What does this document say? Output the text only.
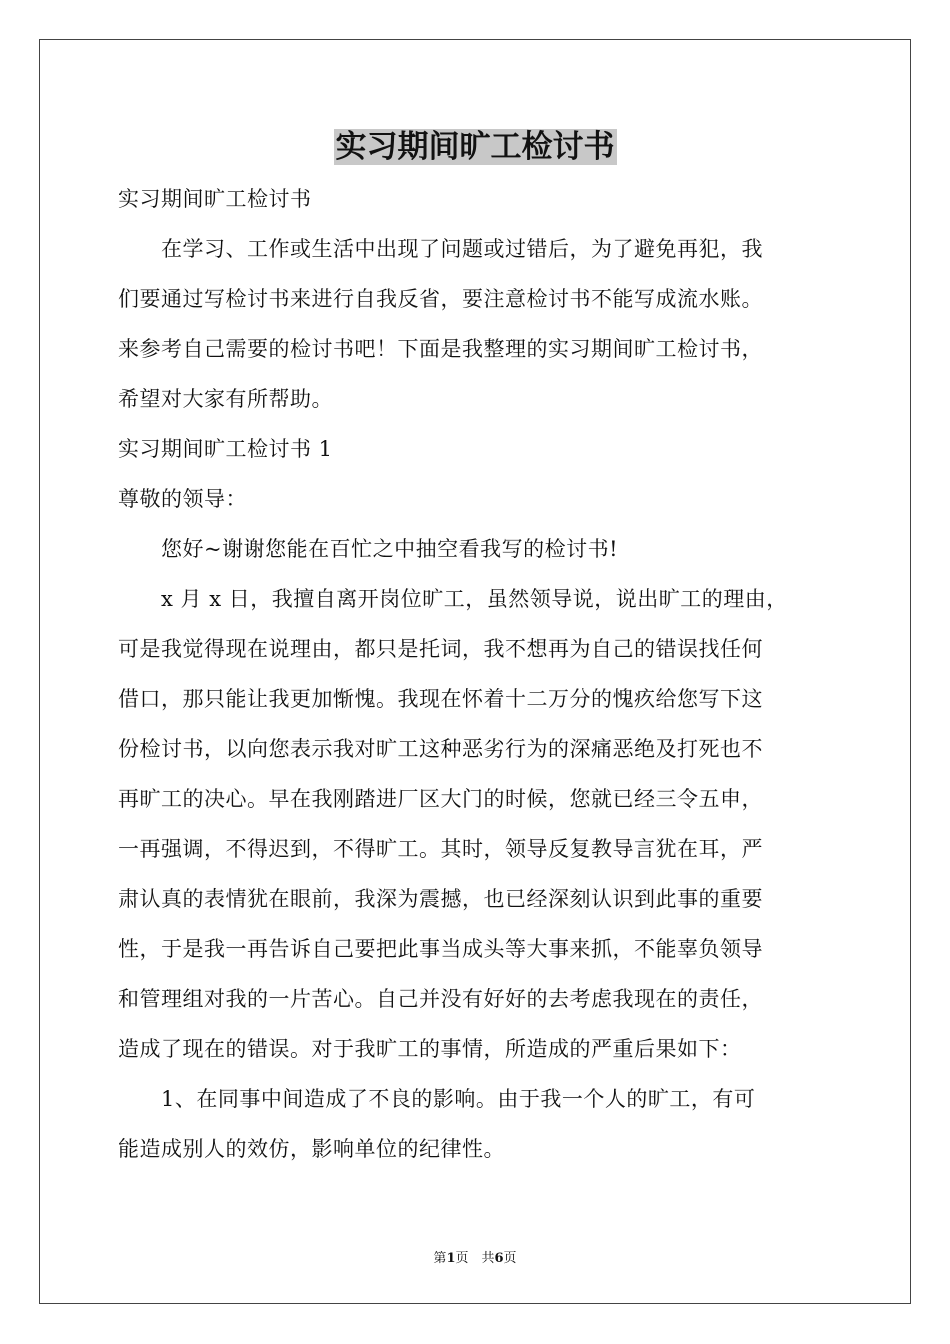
实习期间旷工检讨书
实习期间旷工检讨书
　　在学习、工作或生活中出现了问题或过错后，为了避免再犯，我
们要通过写检讨书来进行自我反省，要注意检讨书不能写成流水账。
来参考自己需要的检讨书吧！下面是我整理的实习期间旷工检讨书，
希望对大家有所帮助。
实习期间旷工检讨书 1
尊敬的领导：
　　您好~谢谢您能在百忙之中抽空看我写的检讨书!
　　x 月 x 日，我擅自离开岗位旷工，虽然领导说，说出旷工的理由，
可是我觉得现在说理由，都只是托词，我不想再为自己的错误找任何
借口，那只能让我更加惭愧。我现在怀着十二万分的愧疚给您写下这
份检讨书，以向您表示我对旷工这种恶劣行为的深痛恶绝及打死也不
再旷工的决心。早在我刚踏进厂区大门的时候，您就已经三令五申，
一再强调，不得迟到，不得旷工。其时，领导反复教导言犹在耳，严
肃认真的表情犹在眼前，我深为震撼，也已经深刻认识到此事的重要
性，于是我一再告诉自己要把此事当成头等大事来抓，不能辜负领导
和管理组对我的一片苦心。自己并没有好好的去考虑我现在的责任，
造成了现在的错误。对于我旷工的事情，所造成的严重后果如下：
　　1、在同事中间造成了不良的影响。由于我一个人的旷工，有可
能造成别人的效仿，影响单位的纪律性。
第1页　共6页
